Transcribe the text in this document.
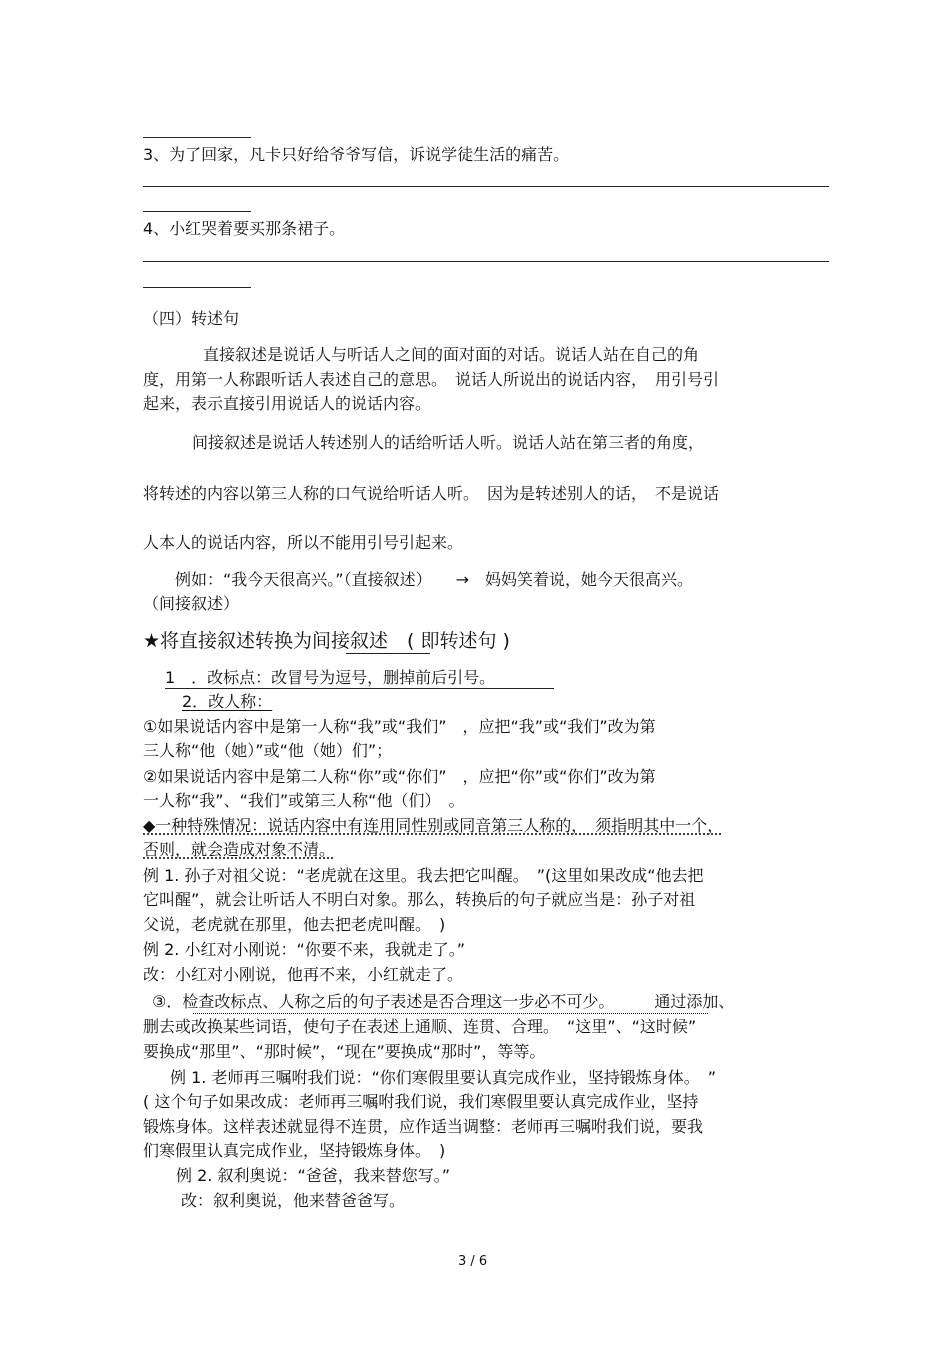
3、为了回家，凡卡只好给爷爷写信，诉说学徒生活的痛苦。
4、小红哭着要买那条裙子。
（四）转述句
直接叙述是说话人与听话人之间的面对面的对话。说话人站在自己的角
度，用第一人称跟听话人表述自己的意思。　说话人所说出的说话内容，　用引号引
起来，表示直接引用说话人的说话内容。
间接叙述是说话人转述别人的话给听话人听。说话人站在第三者的角度，
将转述的内容以第三人称的口气说给听话人听。　因为是转述别人的话，　不是说话
人本人的说话内容，所以不能用引号引起来。
例如：“我今天很高兴。”（直接叙述）　　→　妈妈笑着说，她今天很高兴。
（间接叙述）
★将直接叙述转换为间接叙述　( 即转述句 )
1　．改标点：改冒号为逗号，删掉前后引号。
2．改人称：
①如果说话内容中是第一人称“我”或“我们”　，应把“我”或“我们”改为第
三人称“他（她）”或“他（她）们”；
②如果说话内容中是第二人称“你”或“你们”　，应把“你”或“你们”改为第
一人称“我”、“我们”或第三人称“他（们）　。
◆一种特殊情况：说话内容中有连用同性别或同音第三人称的，　须指明其中一个，
否则，就会造成对象不清。
例 1. 孙子对祖父说：“老虎就在这里。我去把它叫醒。　”(这里如果改成“他去把
它叫醒”，就会让听话人不明白对象。那么，转换后的句子就应当是：孙子对祖
父说，老虎就在那里，他去把老虎叫醒。　)
例 2. 小红对小刚说：“你要不来，我就走了。”
改：小红对小刚说，他再不来，小红就走了。
③．检查改标点、人称之后的句子表述是否合理这一步必不可少。　　　通过添加、
删去或改换某些词语，使句子在表述上通顺、连贯、合理。　“这里”、“这时候”
要换成“那里”、“那时候”，“现在”要换成“那时”，等等。
例 1. 老师再三嘱咐我们说：“你们寒假里要认真完成作业，坚持锻炼身体。　”
( 这个句子如果改成：老师再三嘱咐我们说，我们寒假里要认真完成作业，坚持
锻炼身体。这样表述就显得不连贯，应作适当调整：老师再三嘱咐我们说，要我
们寒假里认真完成作业，坚持锻炼身体。　)
例 2. 叙利奥说：“爸爸，我来替您写。”
改：叙利奥说，他来替爸爸写。
3 / 6
